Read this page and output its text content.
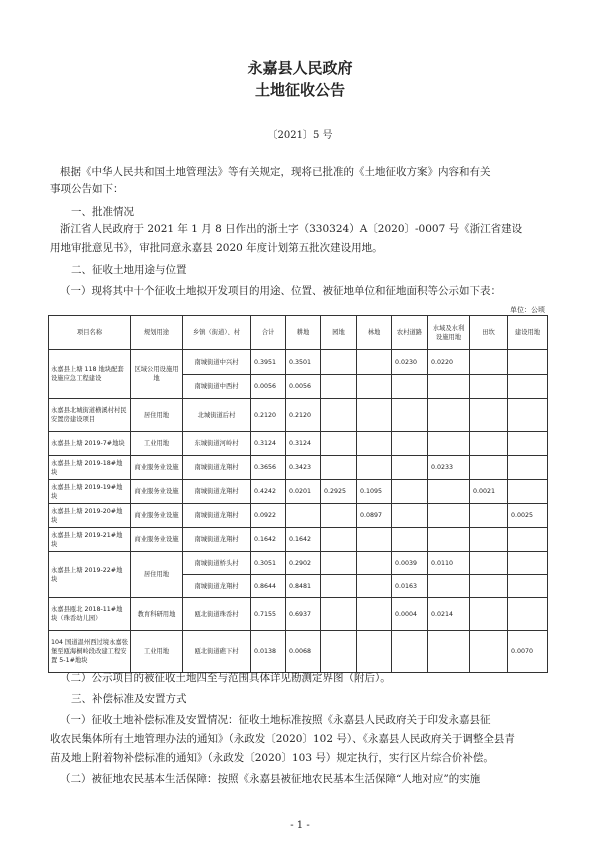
永嘉县人民政府
土地征收公告
〔2021〕5 号
根据《中华人民共和国土地管理法》等有关规定，现将已批准的《土地征收方案》内容和有关
事项公告如下：
一、批准情况
浙江省人民政府于 2021 年 1 月 8 日作出的浙土字（330324）A〔2020〕-0007 号《浙江省建设
用地审批意见书》，审批同意永嘉县 2020 年度计划第五批次建设用地。
二、征收土地用途与位置
（一）现将其中十个征收土地拟开发项目的用途、位置、被征地单位和征地面积等公示如下表：
单位：公顷
项目名称	规划用途	乡镇（街道）、村	合计	耕地	园地	林地	农村道路	水域及水利设施用地	田坎	建设用地
永嘉县上塘 118 地块配套设施应急工程建设	区域公用设施用地	南城街道中兴村	0.3951	0.3501			0.0230	0.0220		
		南城街道中西村	0.0056	0.0056						
永嘉县北城街道横溪村村民安置房建设项目	居住用地	北城街道后村	0.2120	0.2120						
永嘉县上塘 2019-7#地块	工业用地	东城街道河岭村	0.3124	0.3124						
永嘉县上塘 2019-18#地块	商业服务业设施	南城街道龙翔村	0.3656	0.3423				0.0233		
永嘉县上塘 2019-19#地块	商业服务业设施	南城街道龙翔村	0.4242	0.0201	0.2925	0.1095			0.0021	
永嘉县上塘 2019-20#地块	商业服务业设施	南城街道龙翔村	0.0922			0.0897				0.0025
永嘉县上塘 2019-21#地块	商业服务业设施	南城街道龙翔村	0.1642	0.1642						
永嘉县上塘 2019-22#地块	居住用地	南城街道桥头村	0.3051	0.2902			0.0039	0.0110		
		南城街道龙翔村	0.8644	0.8481			0.0163			
永嘉县瓯北 2018-11#地块（珠岙幼儿园）	教育科研用地	瓯北街道珠岙村	0.7155	0.6937			0.0004	0.0214		
104 国道温州西过境永嘉张堡至瓯海桐岭段改建工程安置 5-1#地块	工业用地	瓯北街道礁下村	0.0138	0.0068						0.0070
（二）公示项目的被征收土地四至与范围具体详见勘测定界图（附后）。
三、补偿标准及安置方式
（一）征收土地补偿标准及安置情况：征收土地标准按照《永嘉县人民政府关于印发永嘉县征
收农民集体所有土地管理办法的通知》（永政发〔2020〕102 号）、《永嘉县人民政府关于调整全县青
苗及地上附着物补偿标准的通知》（永政发〔2020〕103 号）规定执行，实行区片综合价补偿。
（二）被征地农民基本生活保障：按照《永嘉县被征地农民基本生活保障“人地对应”的实施
- 1 -
